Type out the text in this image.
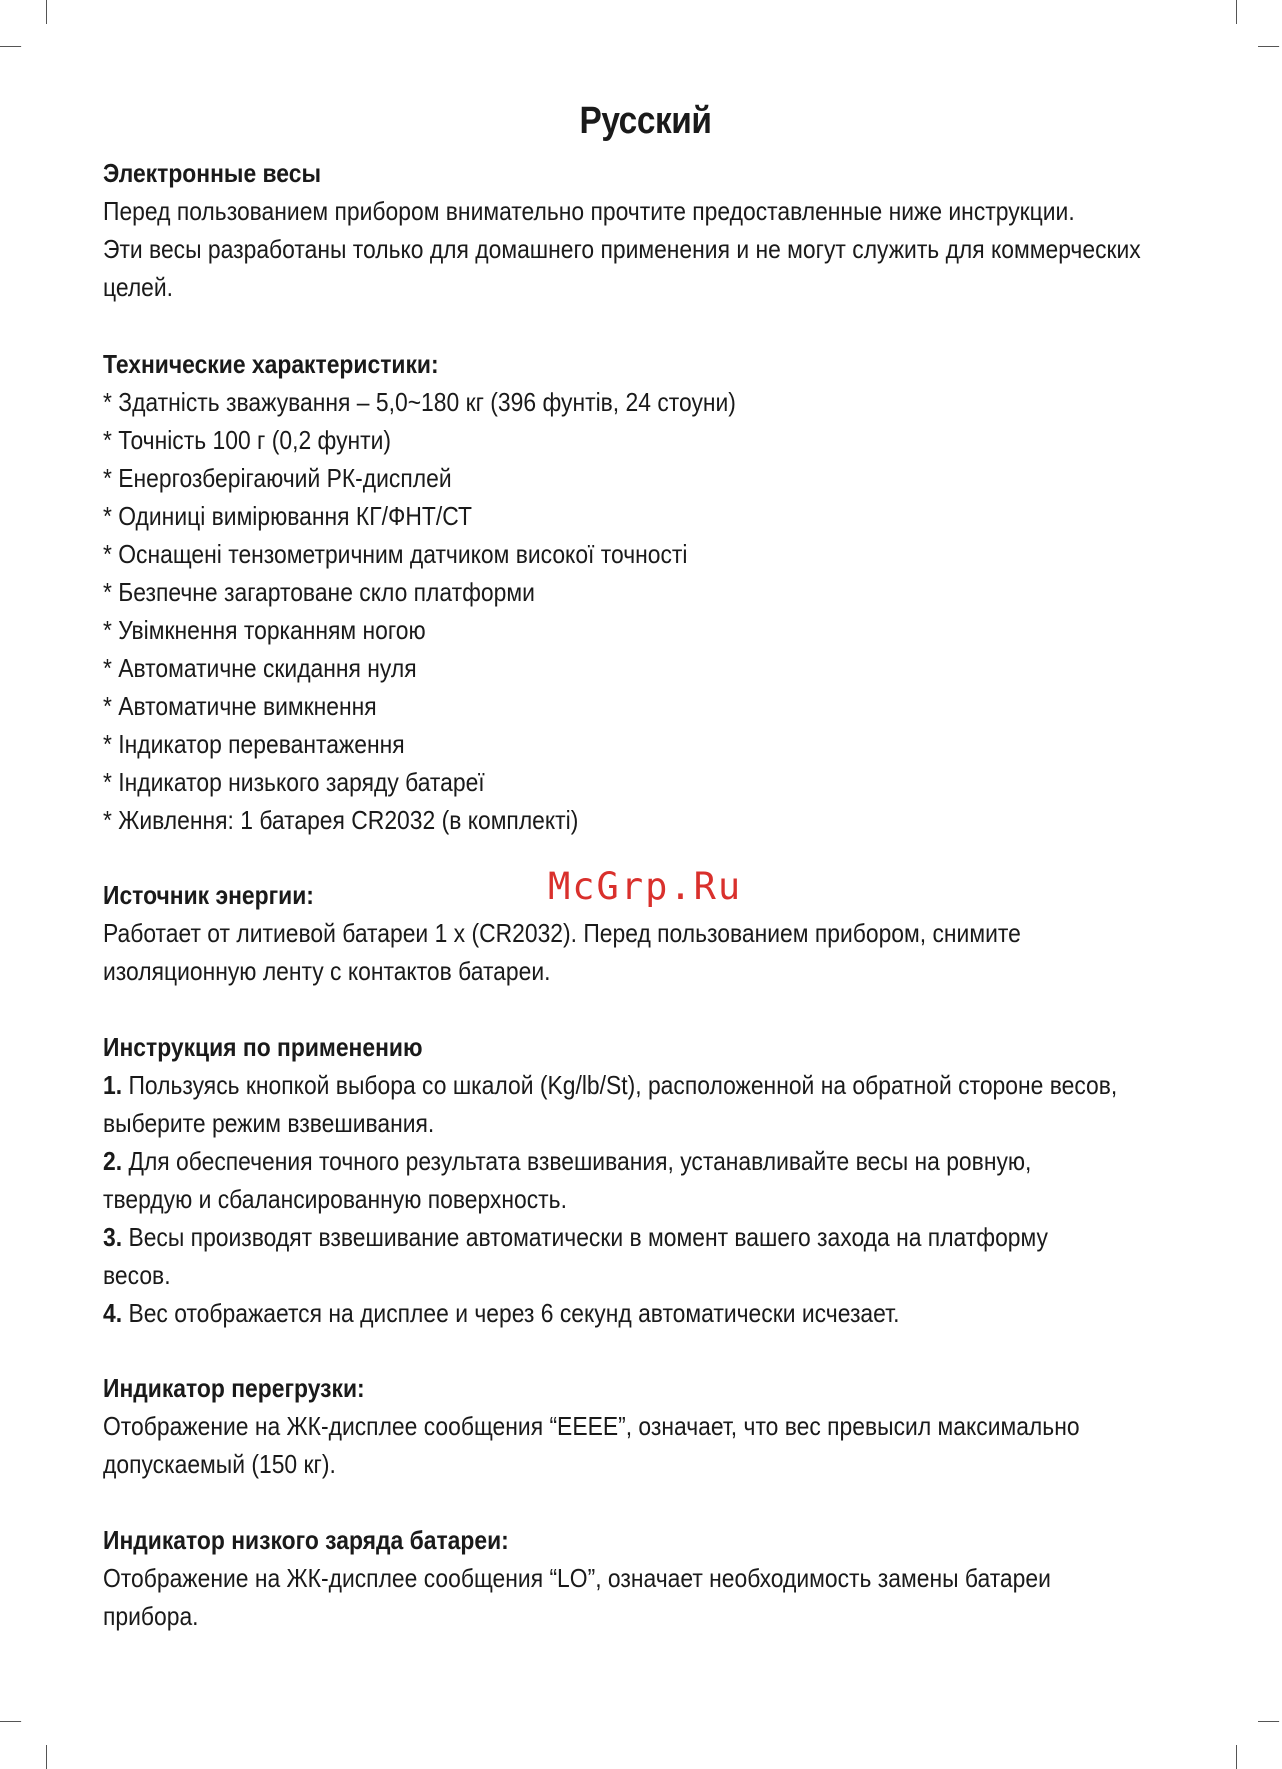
Русский
Электронные весы
Перед пользованием прибором внимательно прочтите предоставленные ниже инструкции.
Эти весы разработаны только для домашнего применения и не могут служить для коммерческих
целей.
Технические характеристики:
* Здатність зважування – 5,0~180 кг (396 фунтів, 24 стоуни)
* Точність 100 г (0,2 фунти)
* Енергозберігаючий РК-дисплей
* Одиниці вимірювання КГ/ФНТ/СТ
* Оснащені тензометричним датчиком високої точності
* Безпечне загартоване скло платформи
* Увімкнення торканням ногою
* Автоматичне скидання нуля
* Автоматичне вимкнення
* Індикатор перевантаження
* Індикатор низького заряду батареї
* Живлення: 1 батарея CR2032 (в комплекті)
Источник энергии:
Работает от литиевой батареи 1 x (CR2032). Перед пользованием прибором, снимите
изоляционную ленту с контактов батареи.
Инструкция по применению
1. Пользуясь кнопкой выбора со шкалой (Kg/lb/St), расположенной на обратной стороне весов,
выберите режим взвешивания.
2. Для обеспечения точного результата взвешивания, устанавливайте весы на ровную,
твердую и сбалансированную поверхность.
3. Весы производят взвешивание автоматически в момент вашего захода на платформу
весов.
4. Вес отображается на дисплее и через 6 секунд автоматически исчезает.
Индикатор перегрузки:
Отображение на ЖК-дисплее сообщения “EEEE”, означает, что вес превысил максимально
допускаемый (150 кг).
Индикатор низкого заряда батареи:
Отображение на ЖК-дисплее сообщения “LO”, означает необходимость замены батареи
прибора.
McGrp.Ru
